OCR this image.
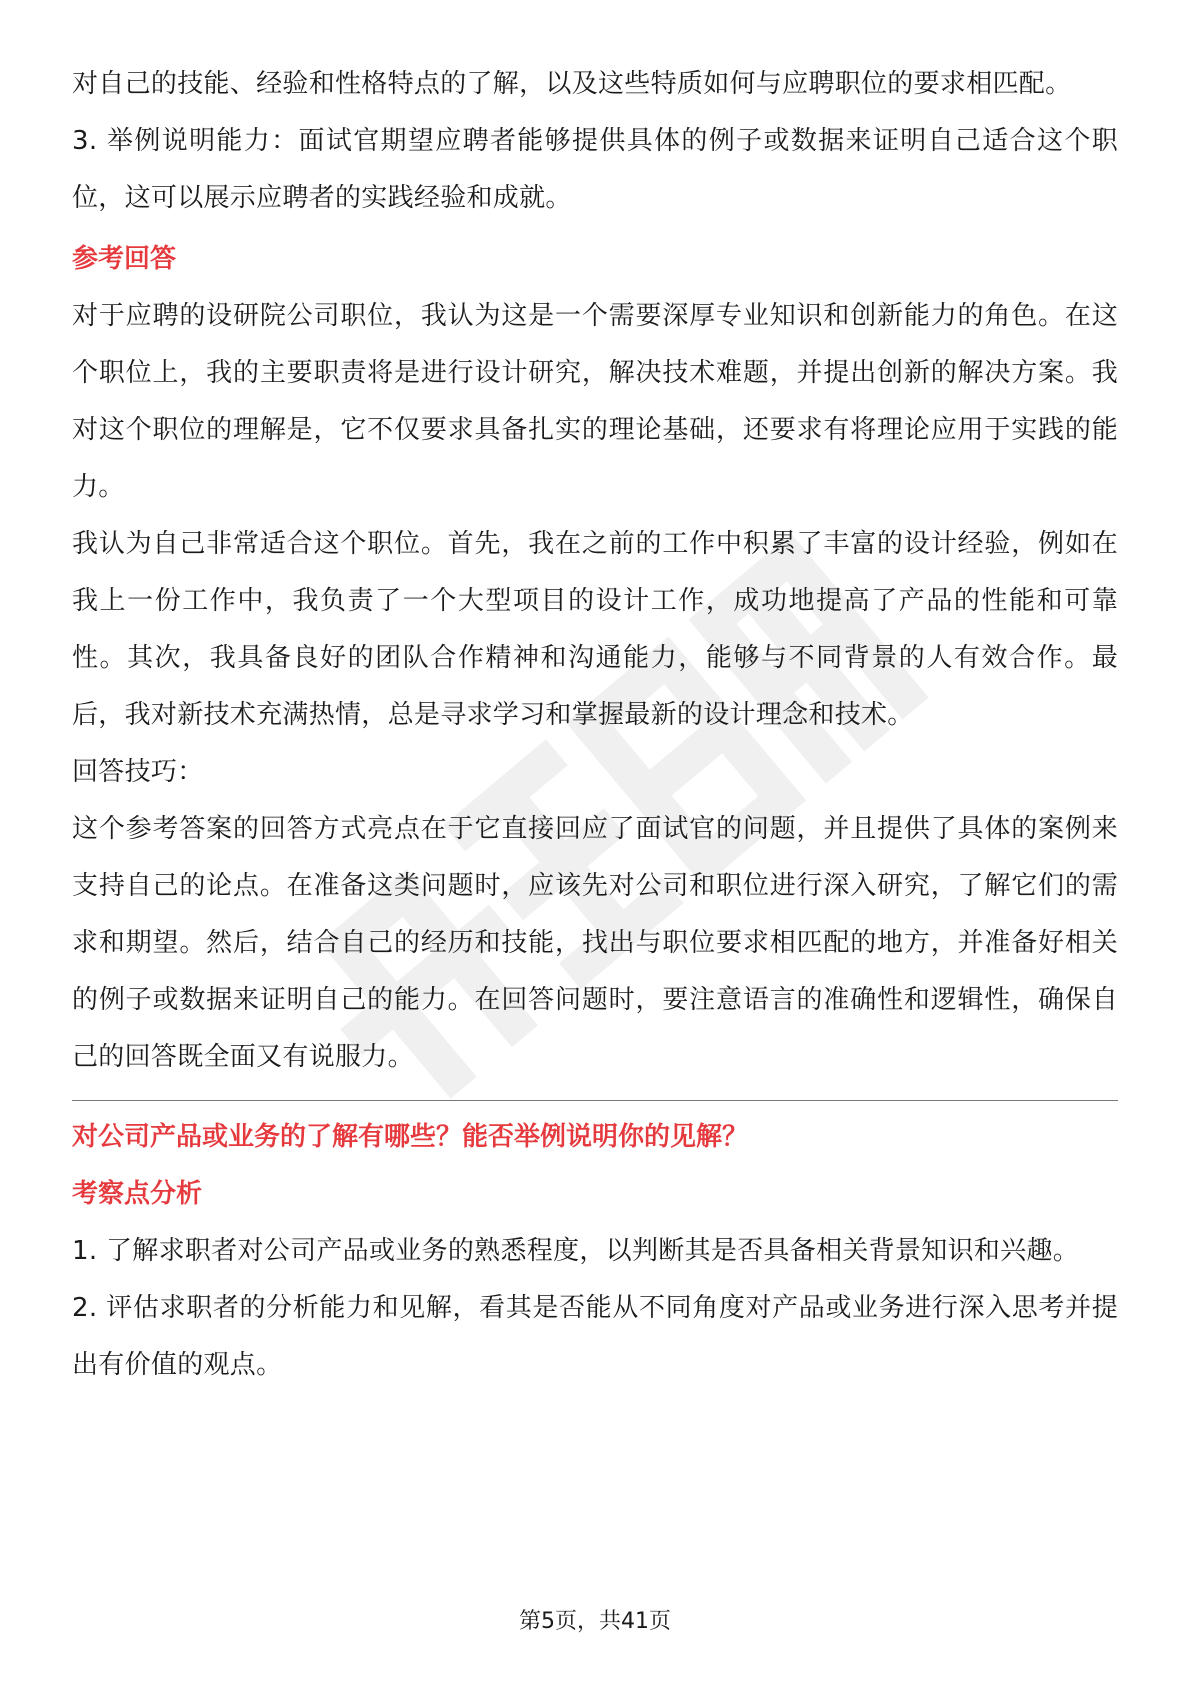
对自己的技能、经验和性格特点的了解，以及这些特质如何与应聘职位的要求相匹配。

3. 举例说明能力：面试官期望应聘者能够提供具体的例子或数据来证明自己适合这个职位，这可以展示应聘者的实践经验和成就。

参考回答

对于应聘的设研院公司职位，我认为这是一个需要深厚专业知识和创新能力的角色。在这个职位上，我的主要职责将是进行设计研究，解决技术难题，并提出创新的解决方案。我对这个职位的理解是，它不仅要求具备扎实的理论基础，还要求有将理论应用于实践的能力。

我认为自己非常适合这个职位。首先，我在之前的工作中积累了丰富的设计经验，例如在我上一份工作中，我负责了一个大型项目的设计工作，成功地提高了产品的性能和可靠性。其次，我具备良好的团队合作精神和沟通能力，能够与不同背景的人有效合作。最后，我对新技术充满热情，总是寻求学习和掌握最新的设计理念和技术。

回答技巧：

这个参考答案的回答方式亮点在于它直接回应了面试官的问题，并且提供了具体的案例来支持自己的论点。在准备这类问题时，应该先对公司和职位进行深入研究，了解它们的需求和期望。然后，结合自己的经历和技能，找出与职位要求相匹配的地方，并准备好相关的例子或数据来证明自己的能力。在回答问题时，要注意语言的准确性和逻辑性，确保自己的回答既全面又有说服力。

对公司产品或业务的了解有哪些？能否举例说明你的见解？

考察点分析

1. 了解求职者对公司产品或业务的熟悉程度，以判断其是否具备相关背景知识和兴趣。

2. 评估求职者的分析能力和见解，看其是否能从不同角度对产品或业务进行深入思考并提出有价值的观点。

第5页，共41页
